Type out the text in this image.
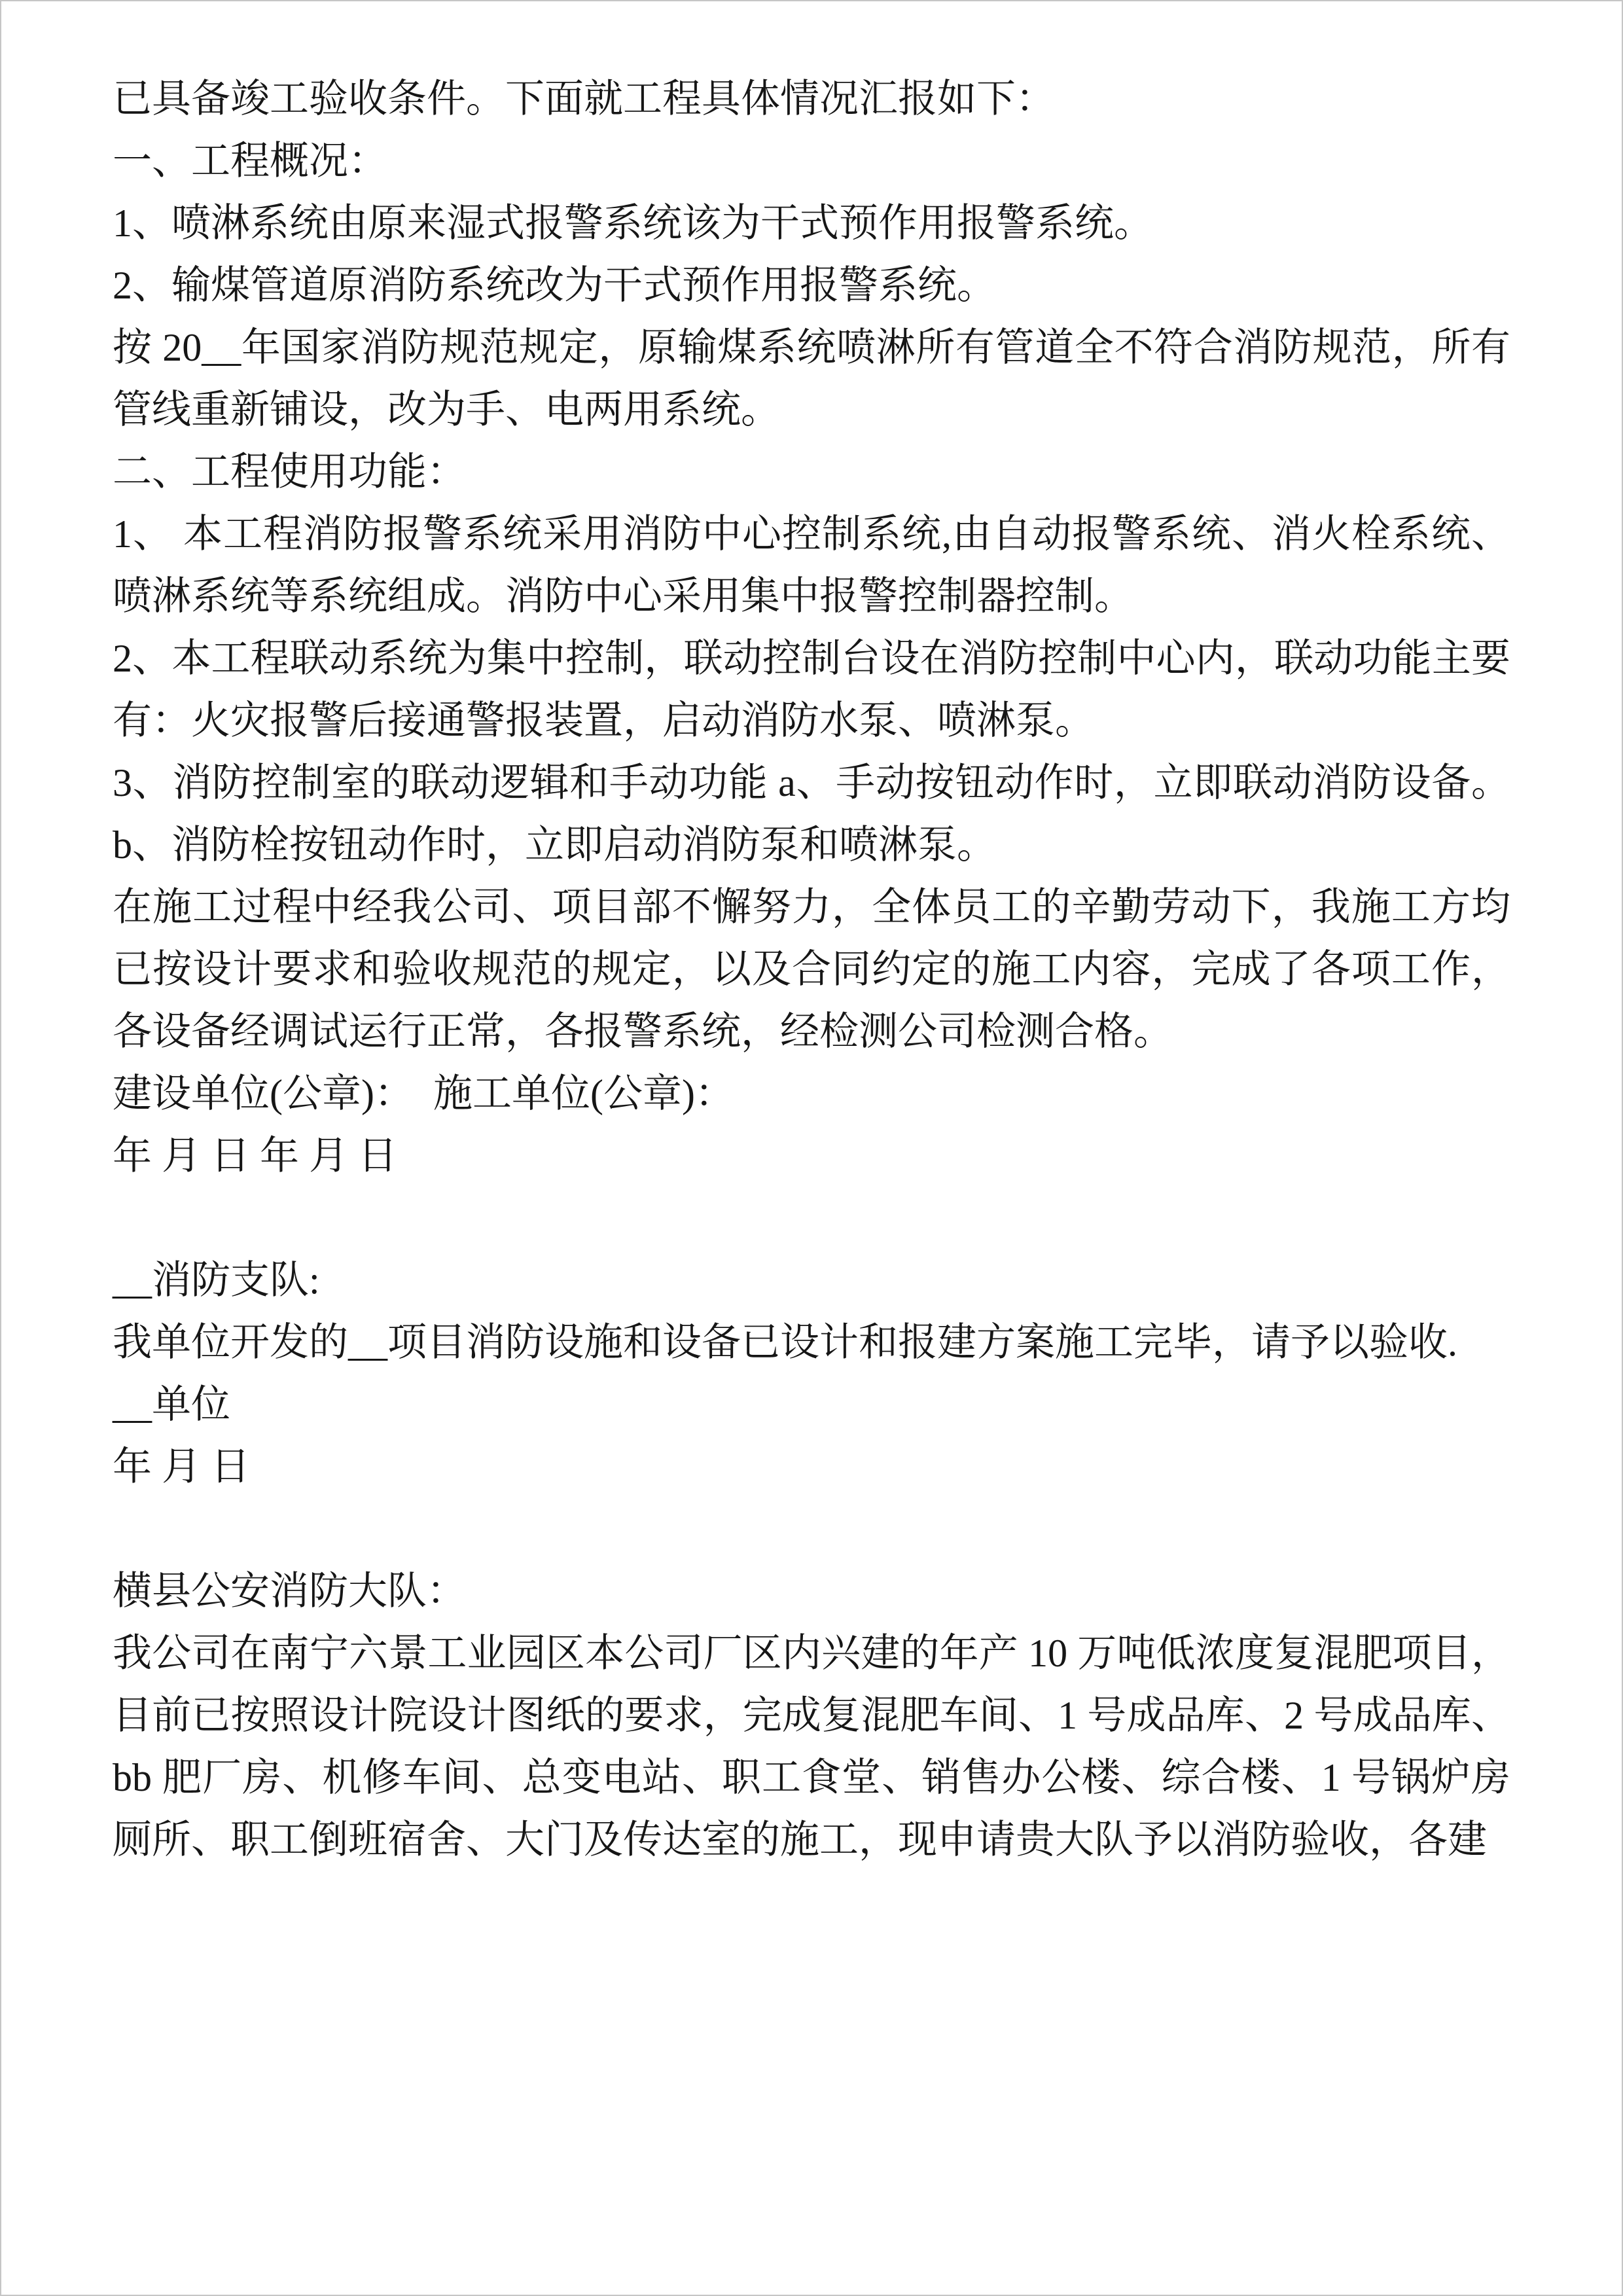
已具备竣工验收条件。下面就工程具体情况汇报如下：

一、工程概况：

1、喷淋系统由原来湿式报警系统该为干式预作用报警系统。

2、输煤管道原消防系统改为干式预作用报警系统。

按 20__年国家消防规范规定，原输煤系统喷淋所有管道全不符合消防规范，所有管线重新铺设，改为手、电两用系统。

二、工程使用功能：

1、 本工程消防报警系统采用消防中心控制系统,由自动报警系统、消火栓系统、喷淋系统等系统组成。消防中心采用集中报警控制器控制。

2、本工程联动系统为集中控制，联动控制台设在消防控制中心内，联动功能主要有：火灾报警后接通警报装置，启动消防水泵、喷淋泵。

3、消防控制室的联动逻辑和手动功能 a、手动按钮动作时，立即联动消防设备。b、消防栓按钮动作时，立即启动消防泵和喷淋泵。

在施工过程中经我公司、项目部不懈努力，全体员工的辛勤劳动下，我施工方均已按设计要求和验收规范的规定，以及合同约定的施工内容，完成了各项工作，各设备经调试运行正常，各报警系统，经检测公司检测合格。

建设单位(公章)：　施工单位(公章)：

年 月 日 年 月 日

__消防支队:

我单位开发的__项目消防设施和设备已设计和报建方案施工完毕，请予以验收.

__单位

年 月 日

横县公安消防大队：

我公司在南宁六景工业园区本公司厂区内兴建的年产 10 万吨低浓度复混肥项目，目前已按照设计院设计图纸的要求，完成复混肥车间、1 号成品库、2 号成品库、bb 肥厂房、机修车间、总变电站、职工食堂、销售办公楼、综合楼、1 号锅炉房厕所、职工倒班宿舍、大门及传达室的施工，现申请贵大队予以消防验收，各建
